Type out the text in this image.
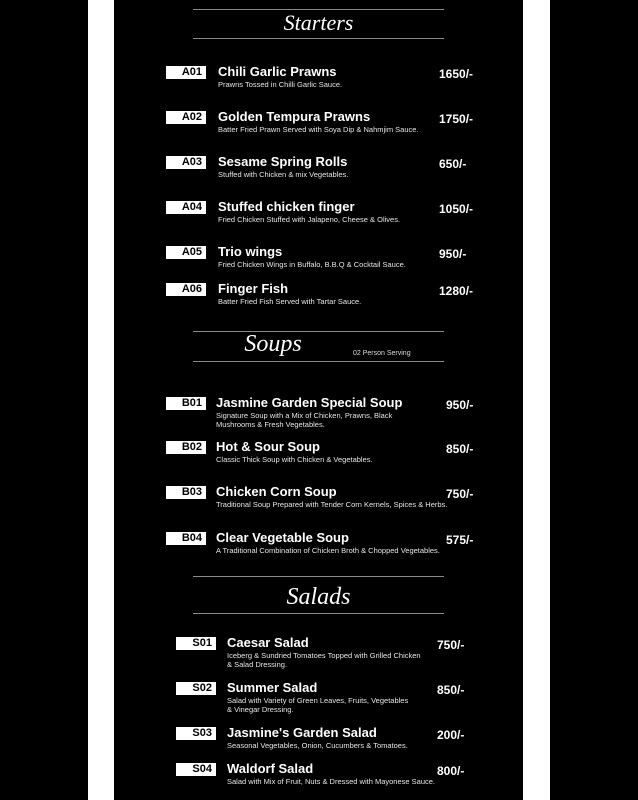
Starters
Soups	02 Person Serving
Salads
A01	Chili Garlic Prawns
Prawns Tossed in Chilli Garlic Sauce.
1650/-
A02	Golden Tempura Prawns
Batter Fried Prawn Served with Soya Dip & Nahmjim Sauce.
1750/-
A03	Sesame Spring Rolls
Stuffed with Chicken & mix Vegetables.
650/-
A04	Stuffed chicken finger
Fried Chicken Stuffed with Jalapeno, Cheese & Olives.
1050/-
A05	Trio wings
Fried Chicken Wings in Buffalo, B.B.Q & Cocktail Sauce.
950/-
A06	Finger Fish
Batter Fried Fish Served with Tartar Sauce.
1280/-
B01	Jasmine Garden Special Soup
Signature Soup with a Mix of Chicken, Prawns, Black
Mushrooms & Fresh Vegetables.
950/-
B02	Hot & Sour Soup
Classic Thick Soup with Chicken & Vegetables.
850/-
B03	Chicken Corn Soup
Traditional Soup Prepared with Tender Corn Kernels, Spices & Herbs.
750/-
B04	Clear Vegetable Soup
A Traditional Combination of Chicken Broth & Chopped Vegetables.
575/-
S01	Caesar Salad
Iceberg & Sundried Tomatoes Topped with Grilled Chicken
& Salad Dressing.
750/-
S02	Summer Salad
Salad with Variety of Green Leaves, Fruits, Vegetables
& Vinegar Dressing.
850/-
S03	Jasmine's Garden Salad
Seasonal Vegetables, Onion, Cucumbers & Tomatoes.
200/-
S04	Waldorf Salad
Salad with Mix of Fruit, Nuts & Dressed with Mayonese Sauce.
800/-
